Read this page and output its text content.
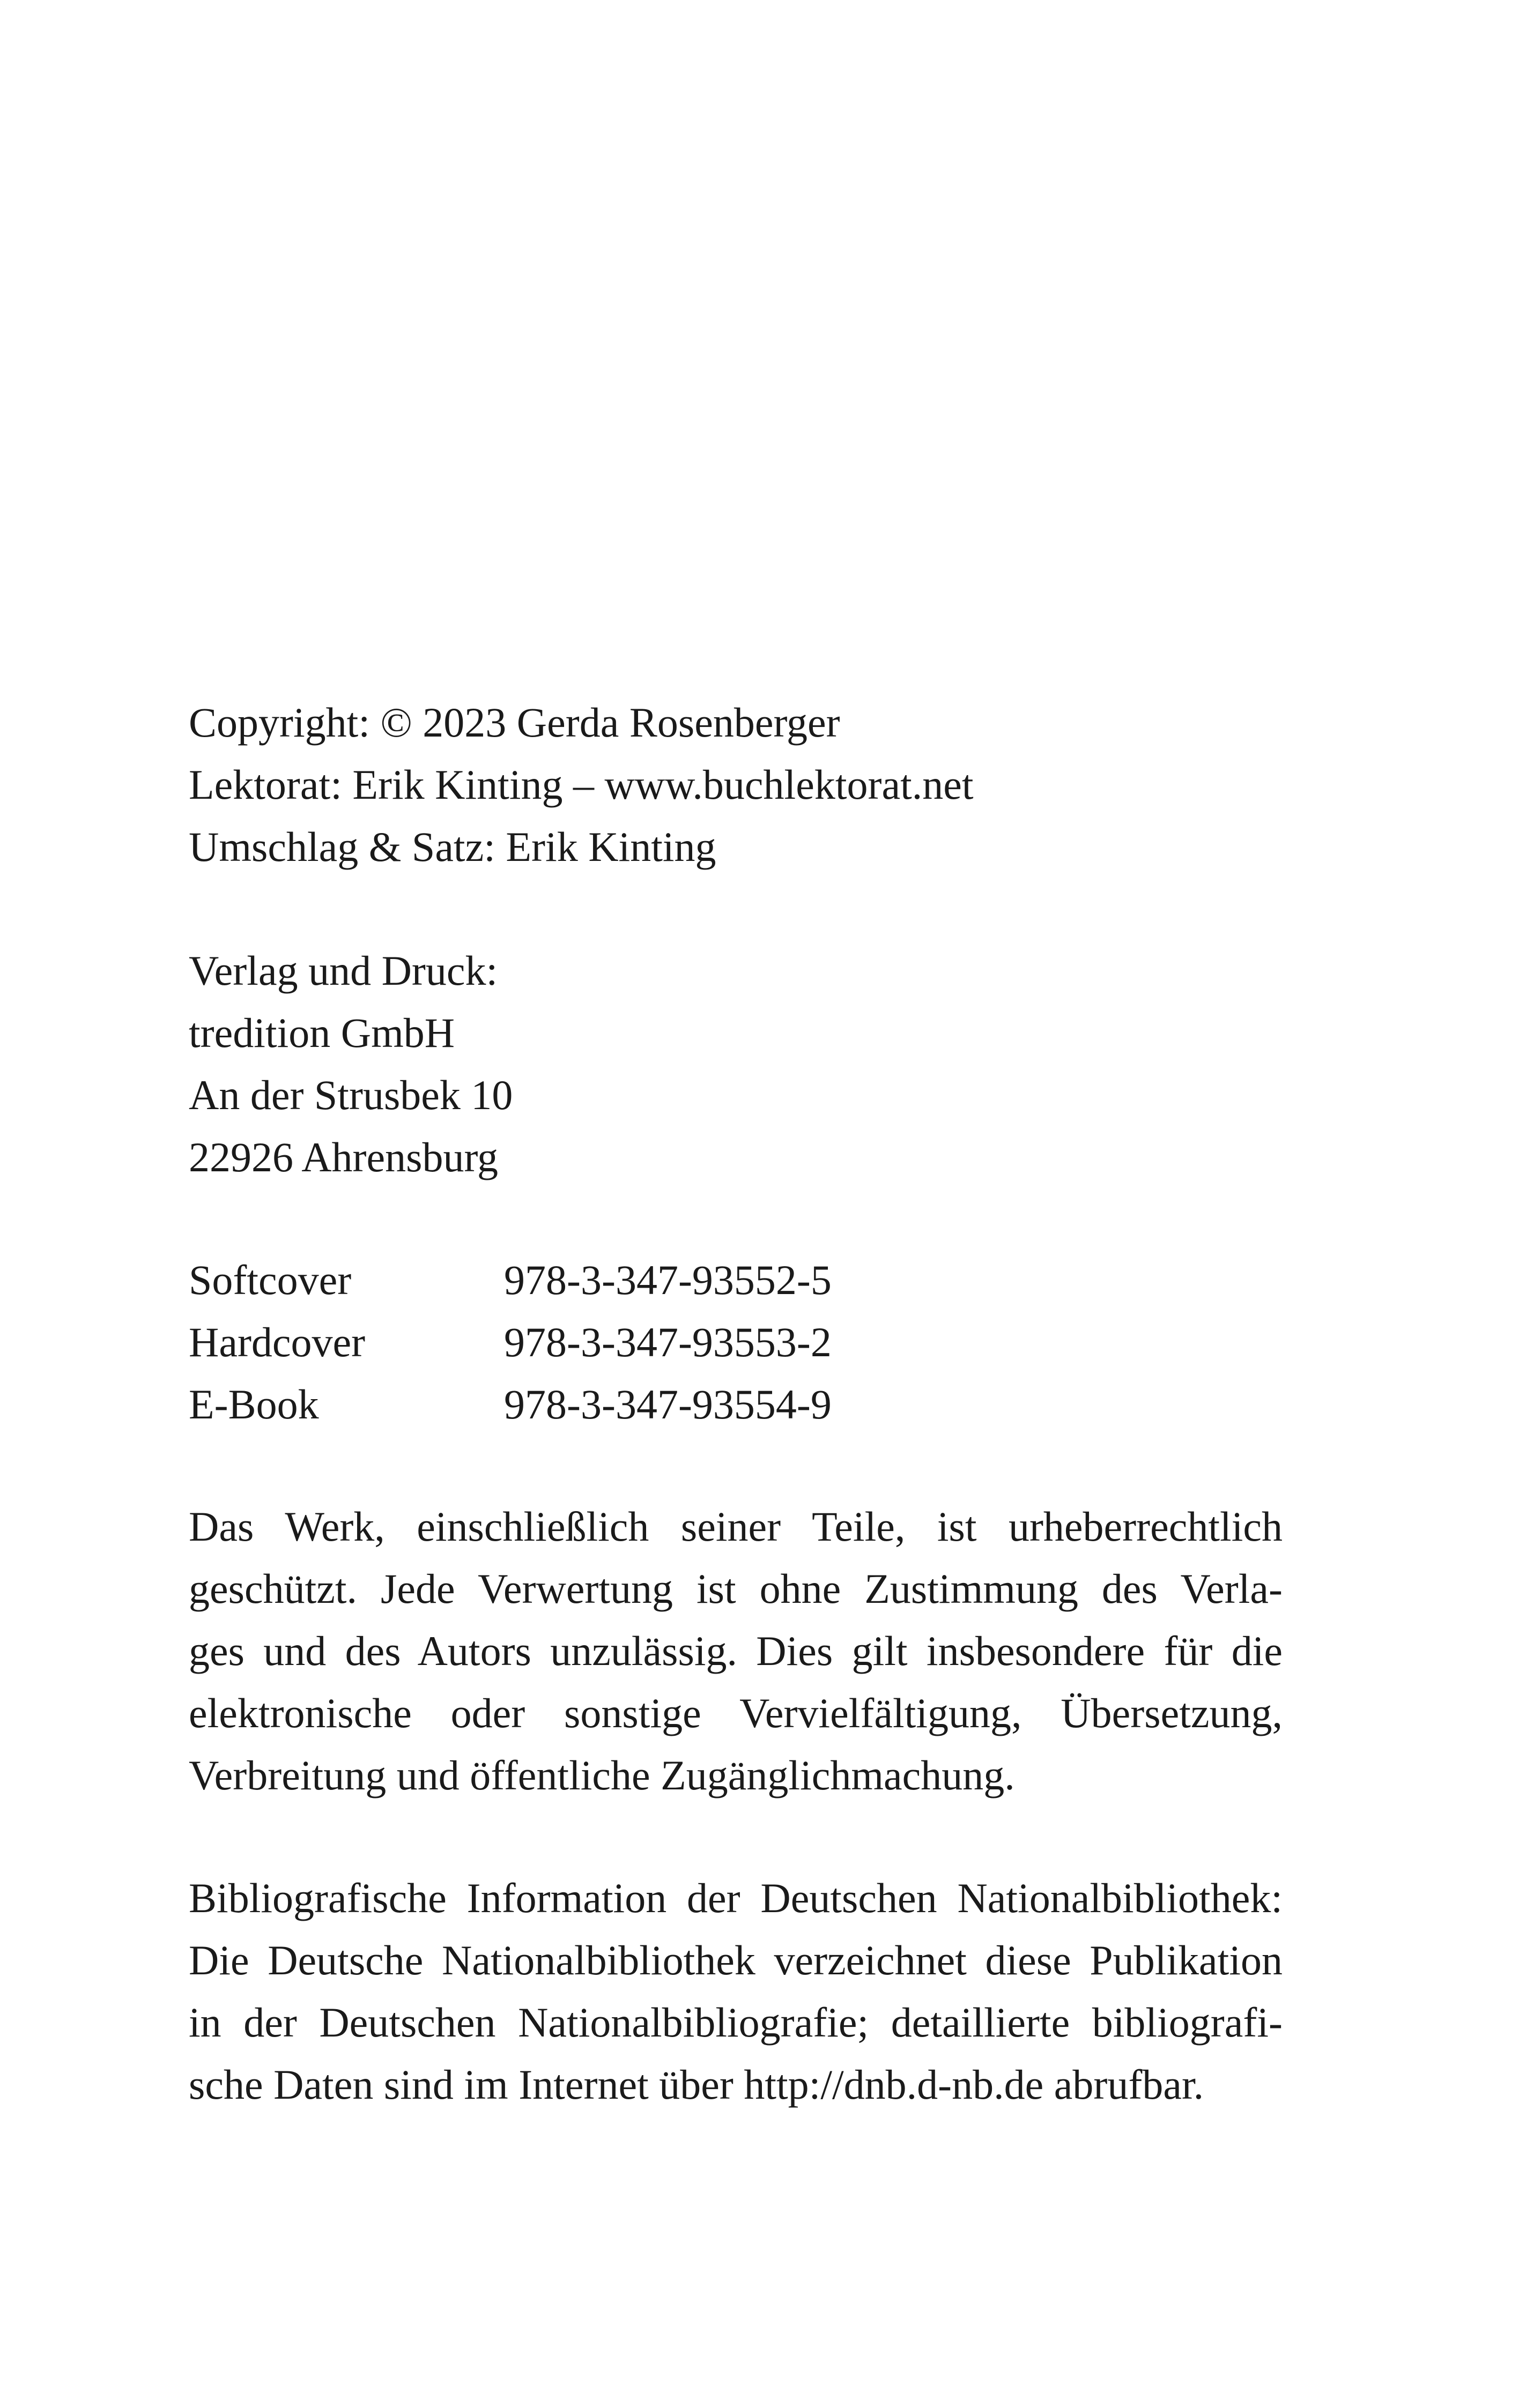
Copyright: © 2023 Gerda Rosenberger
Lektorat: Erik Kinting – www.buchlektorat.net
Umschlag & Satz: Erik Kinting
Verlag und Druck:
tredition GmbH
An der Strusbek 10
22926 Ahrensburg
Softcover	978-3-347-93552-5
Hardcover	978-3-347-93553-2
E-Book	978-3-347-93554-9
Das Werk, einschließlich seiner Teile, ist urheberrechtlich
geschützt. Jede Verwertung ist ohne Zustimmung des Verla-
ges und des Autors unzulässig. Dies gilt insbesondere für die
elektronische oder sonstige Vervielfältigung, Übersetzung,
Verbreitung und öffentliche Zugänglichmachung.
Bibliografische Information der Deutschen Nationalbibliothek:
Die Deutsche Nationalbibliothek verzeichnet diese Publikation
in der Deutschen Nationalbibliografie; detaillierte bibliografi-
sche Daten sind im Internet über http://dnb.d-nb.de abrufbar.
